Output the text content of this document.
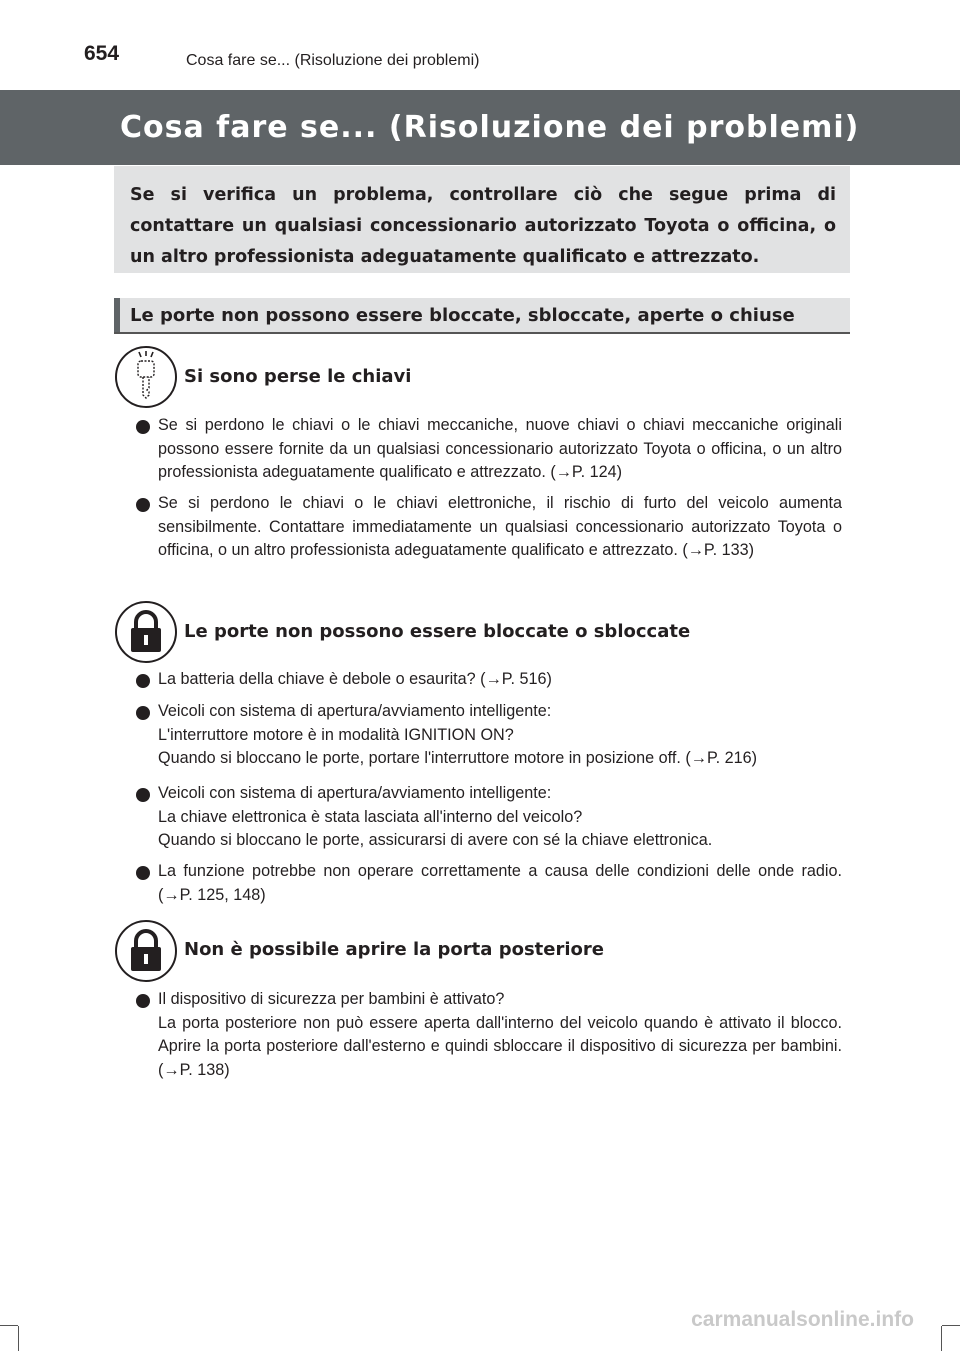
654	Cosa fare se... (Risoluzione dei problemi)
Cosa fare se... (Risoluzione dei problemi)
Se si verifica un problema, controllare ciò che segue prima di contattare un qualsiasi concessionario autorizzato Toyota o officina, o un altro professionista adeguatamente qualificato e attrezzato.
Le porte non possono essere bloccate, sbloccate, aperte o chiuse
Si sono perse le chiavi
Se si perdono le chiavi o le chiavi meccaniche, nuove chiavi o chiavi meccaniche originali possono essere fornite da un qualsiasi concessionario autorizzato Toyota o officina, o un altro professionista adeguatamente qualificato e attrezzato. (→P. 124)
Se si perdono le chiavi o le chiavi elettroniche, il rischio di furto del veicolo aumenta sensibilmente. Contattare immediatamente un qualsiasi concessionario autorizzato Toyota o officina, o un altro professionista adeguatamente qualificato e attrezzato. (→P. 133)
Le porte non possono essere bloccate o sbloccate
La batteria della chiave è debole o esaurita? (→P. 516)
Veicoli con sistema di apertura/avviamento intelligente:
L'interruttore motore è in modalità IGNITION ON?
Quando si bloccano le porte, portare l'interruttore motore in posizione off. (→P. 216)
Veicoli con sistema di apertura/avviamento intelligente:
La chiave elettronica è stata lasciata all'interno del veicolo?
Quando si bloccano le porte, assicurarsi di avere con sé la chiave elettronica.
La funzione potrebbe non operare correttamente a causa delle condizioni delle onde radio. (→P. 125, 148)
Non è possibile aprire la porta posteriore
Il dispositivo di sicurezza per bambini è attivato?
La porta posteriore non può essere aperta dall'interno del veicolo quando è attivato il blocco. Aprire la porta posteriore dall'esterno e quindi sbloccare il dispositivo di sicurezza per bambini. (→P. 138)
carmanualsonline.info
